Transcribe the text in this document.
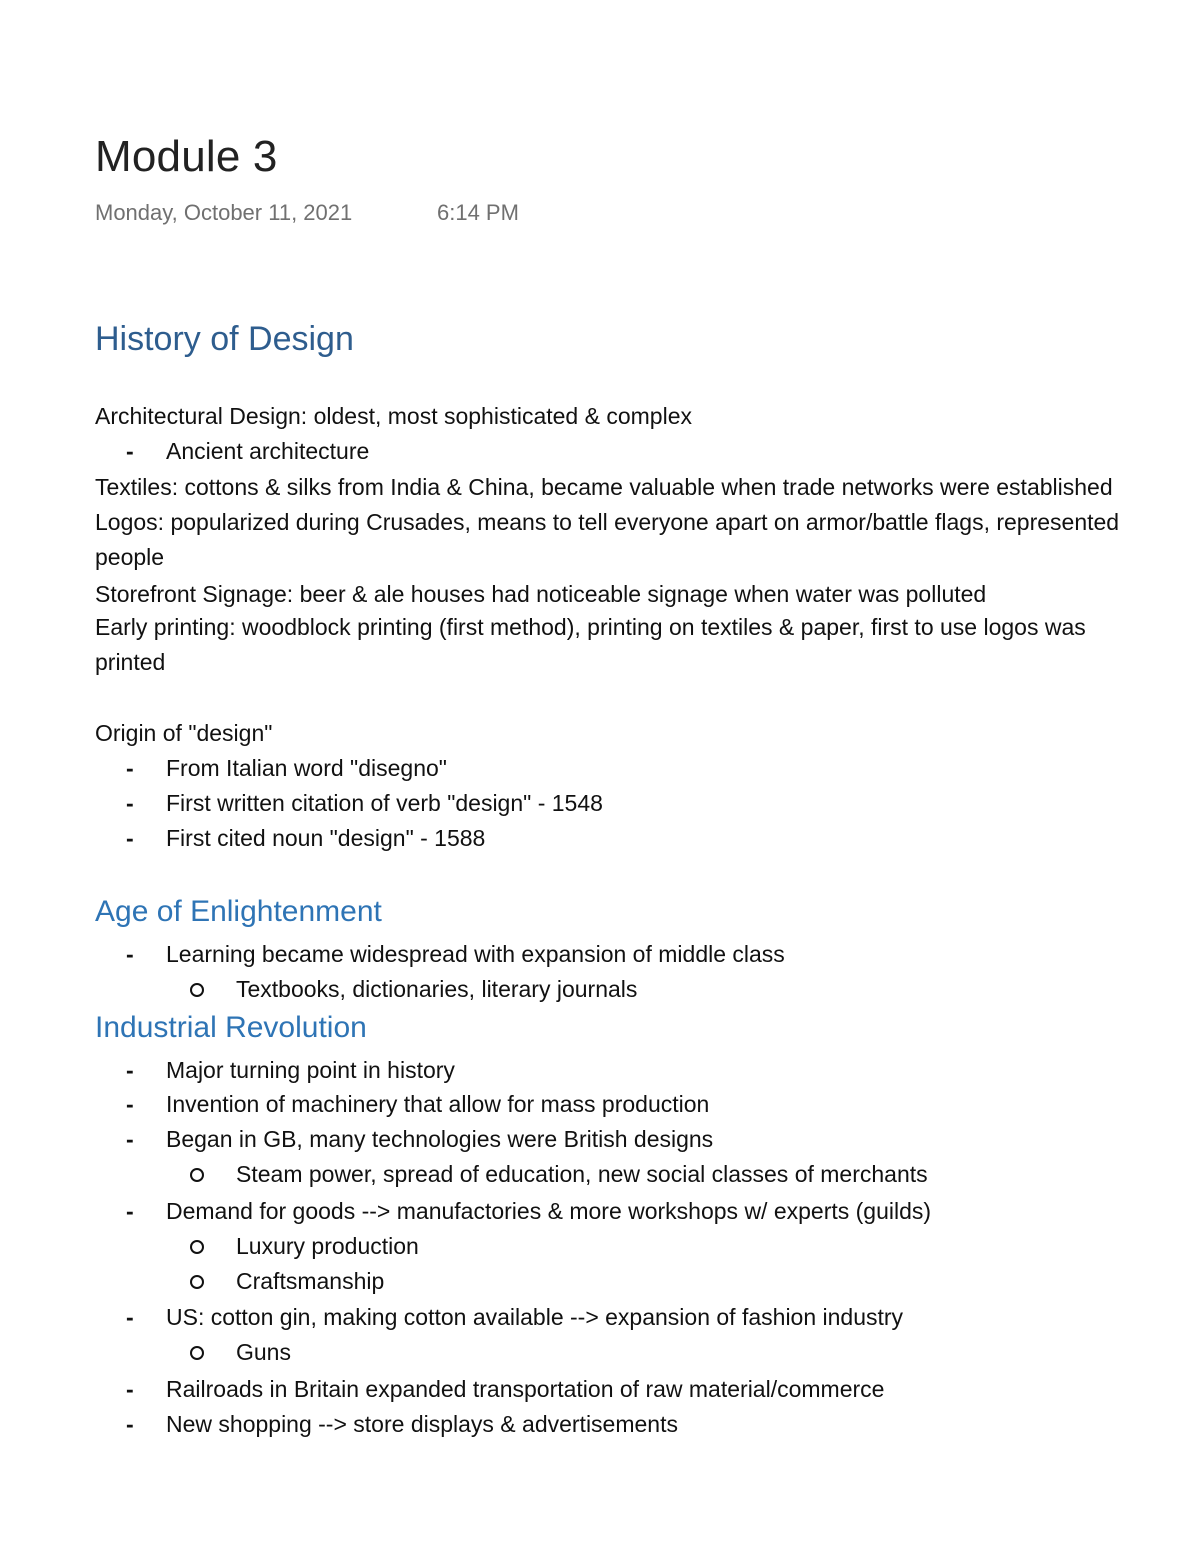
Module 3
Monday, October 11, 2021	6:14 PM
History of Design
Architectural Design: oldest, most sophisticated & complex
- Ancient architecture
Textiles: cottons & silks from India & China, became valuable when trade networks were established
Logos: popularized during Crusades, means to tell everyone apart on armor/battle flags, represented
people
Storefront Signage: beer & ale houses had noticeable signage when water was polluted
Early printing: woodblock printing (first method), printing on textiles & paper, first to use logos was
printed
Origin of "design"
- From Italian word "disegno"
- First written citation of verb "design" - 1548
- First cited noun "design" - 1588
Age of Enlightenment
- Learning became widespread with expansion of middle class
Textbooks, dictionaries, literary journals
Industrial Revolution
- Major turning point in history
- Invention of machinery that allow for mass production
- Began in GB, many technologies were British designs
Steam power, spread of education, new social classes of merchants
- Demand for goods --> manufactories & more workshops w/ experts (guilds)
Luxury production
Craftsmanship
- US: cotton gin, making cotton available --> expansion of fashion industry
Guns
- Railroads in Britain expanded transportation of raw material/commerce
- New shopping --> store displays & advertisements
